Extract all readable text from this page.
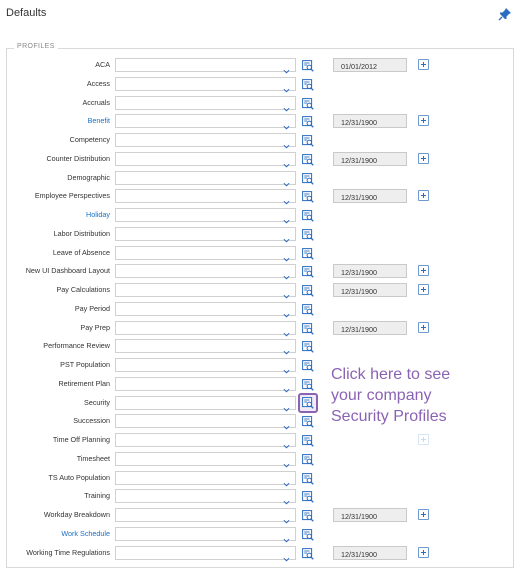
Defaults
PROFILES
ACA	01/01/2012
Access
Accruals
Benefit	12/31/1900
Competency
Counter Distribution	12/31/1900
Demographic
Employee Perspectives	12/31/1900
Holiday
Labor Distribution
Leave of Absence
New UI Dashboard Layout	12/31/1900
Pay Calculations	12/31/1900
Pay Period
Pay Prep	12/31/1900
Performance Review
PST Population
Retirement Plan
Security
Succession
Time Off Planning
Timesheet
TS Auto Population
Training
Workday Breakdown	12/31/1900
Work Schedule
Working Time Regulations	12/31/1900
Click here to see your company Security Profiles
